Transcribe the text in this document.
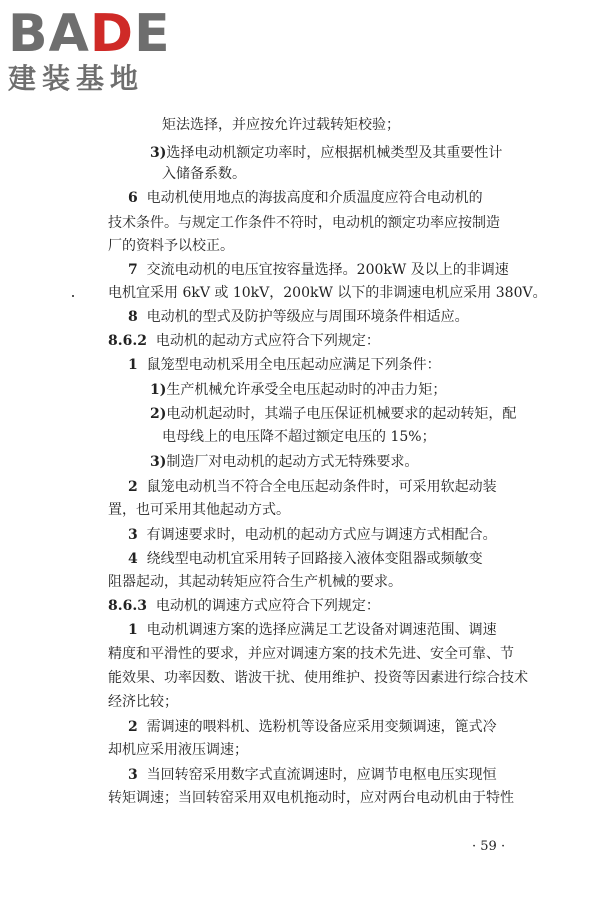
BADE
建装基地
矩法选择，并应按允许过载转矩校验；
3)选择电动机额定功率时，应根据机械类型及其重要性计
入储备系数。
6 电动机使用地点的海拔高度和介质温度应符合电动机的
技术条件。与规定工作条件不符时，电动机的额定功率应按制造
厂的资料予以校正。
7 交流电动机的电压宜按容量选择。200kW 及以上的非调速
电机宜采用 6kV 或 10kV，200kW 以下的非调速电机应采用 380V。
8 电动机的型式及防护等级应与周围环境条件相适应。
8.6.2 电动机的起动方式应符合下列规定：
1 鼠笼型电动机采用全电压起动应满足下列条件：
1)生产机械允许承受全电压起动时的冲击力矩；
2)电动机起动时，其端子电压保证机械要求的起动转矩，配
电母线上的电压降不超过额定电压的 15%；
3)制造厂对电动机的起动方式无特殊要求。
2 鼠笼电动机当不符合全电压起动条件时，可采用软起动装
置，也可采用其他起动方式。
3 有调速要求时，电动机的起动方式应与调速方式相配合。
4 绕线型电动机宜采用转子回路接入液体变阻器或频敏变
阻器起动，其起动转矩应符合生产机械的要求。
8.6.3 电动机的调速方式应符合下列规定：
1 电动机调速方案的选择应满足工艺设备对调速范围、调速
精度和平滑性的要求，并应对调速方案的技术先进、安全可靠、节
能效果、功率因数、谐波干扰、使用维护、投资等因素进行综合技术
经济比较；
2 需调速的喂料机、选粉机等设备应采用变频调速，篦式冷
却机应采用液压调速；
3 当回转窑采用数字式直流调速时，应调节电枢电压实现恒
转矩调速；当回转窑采用双电机拖动时，应对两台电动机由于特性
· 59 ·
